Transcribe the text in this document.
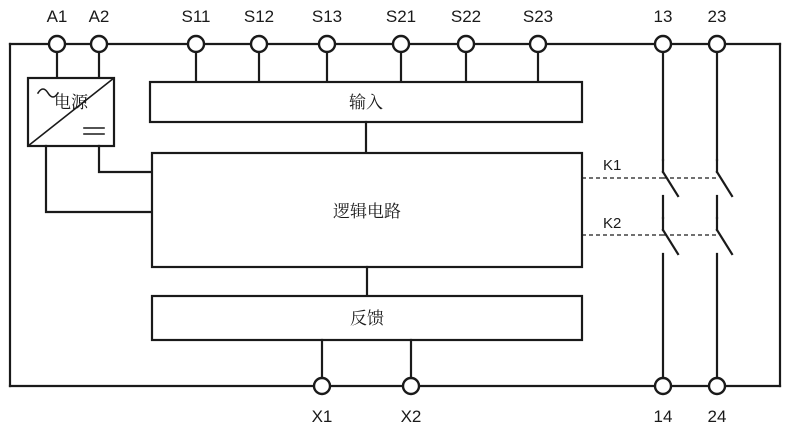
电源	输入
逻辑电路
反馈
K1
K2
A1 A2	S11 S12 S13	S21 S22 S23	13 23
X1	X2	14 24
